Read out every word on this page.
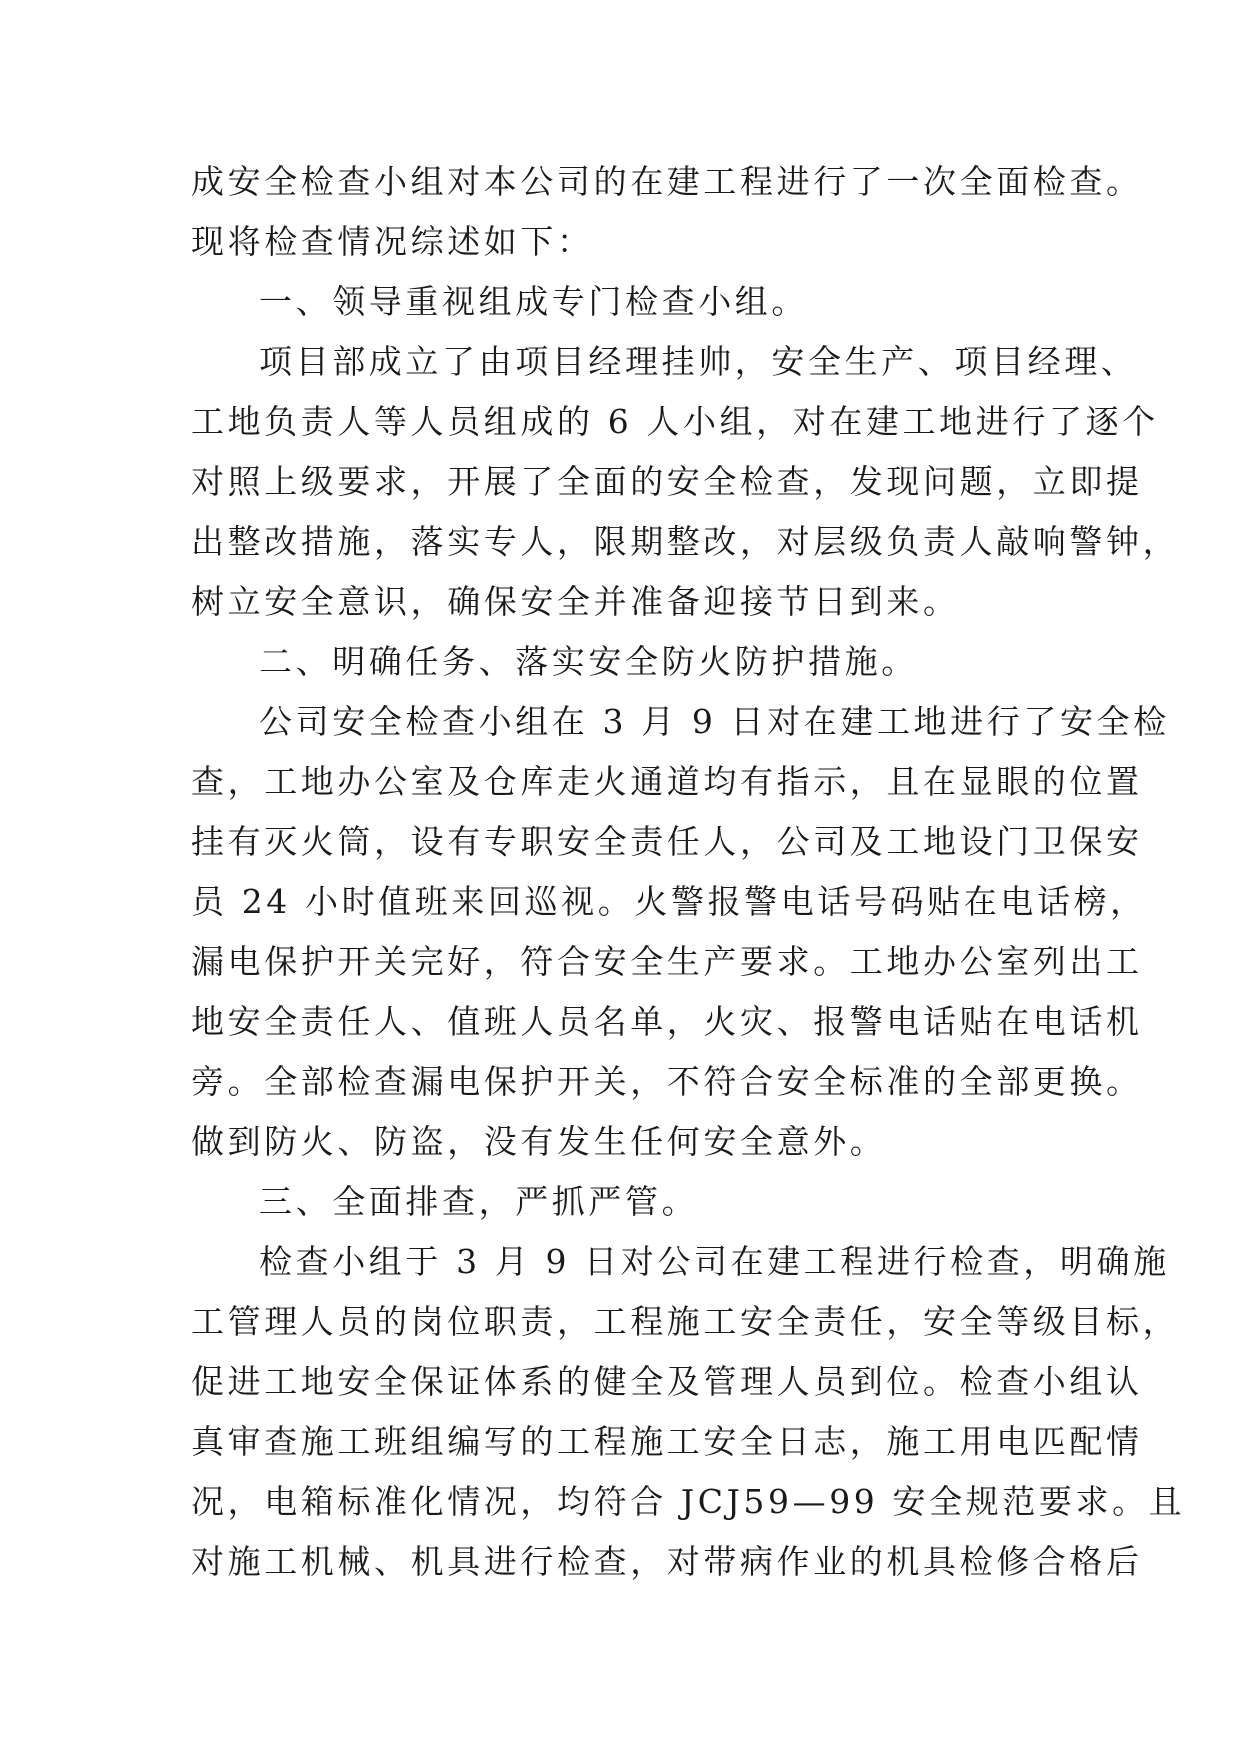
成安全检查小组对本公司的在建工程进行了一次全面检查。
现将检查情况综述如下：
一、领导重视组成专门检查小组。
项目部成立了由项目经理挂帅，安全生产、项目经理、
工地负责人等人员组成的 6 人小组，对在建工地进行了逐个
对照上级要求，开展了全面的安全检查，发现问题，立即提
出整改措施，落实专人，限期整改，对层级负责人敲响警钟，
树立安全意识，确保安全并准备迎接节日到来。
二、明确任务、落实安全防火防护措施。
公司安全检查小组在 3 月 9 日对在建工地进行了安全检
查，工地办公室及仓库走火通道均有指示，且在显眼的位置
挂有灭火筒，设有专职安全责任人，公司及工地设门卫保安
员 24 小时值班来回巡视。火警报警电话号码贴在电话榜，
漏电保护开关完好，符合安全生产要求。工地办公室列出工
地安全责任人、值班人员名单，火灾、报警电话贴在电话机
旁。全部检查漏电保护开关，不符合安全标准的全部更换。
做到防火、防盗，没有发生任何安全意外。
三、全面排查，严抓严管。
检查小组于 3 月 9 日对公司在建工程进行检查，明确施
工管理人员的岗位职责，工程施工安全责任，安全等级目标，
促进工地安全保证体系的健全及管理人员到位。检查小组认
真审查施工班组编写的工程施工安全日志，施工用电匹配情
况，电箱标准化情况，均符合 JCJ59—99 安全规范要求。且
对施工机械、机具进行检查，对带病作业的机具检修合格后
